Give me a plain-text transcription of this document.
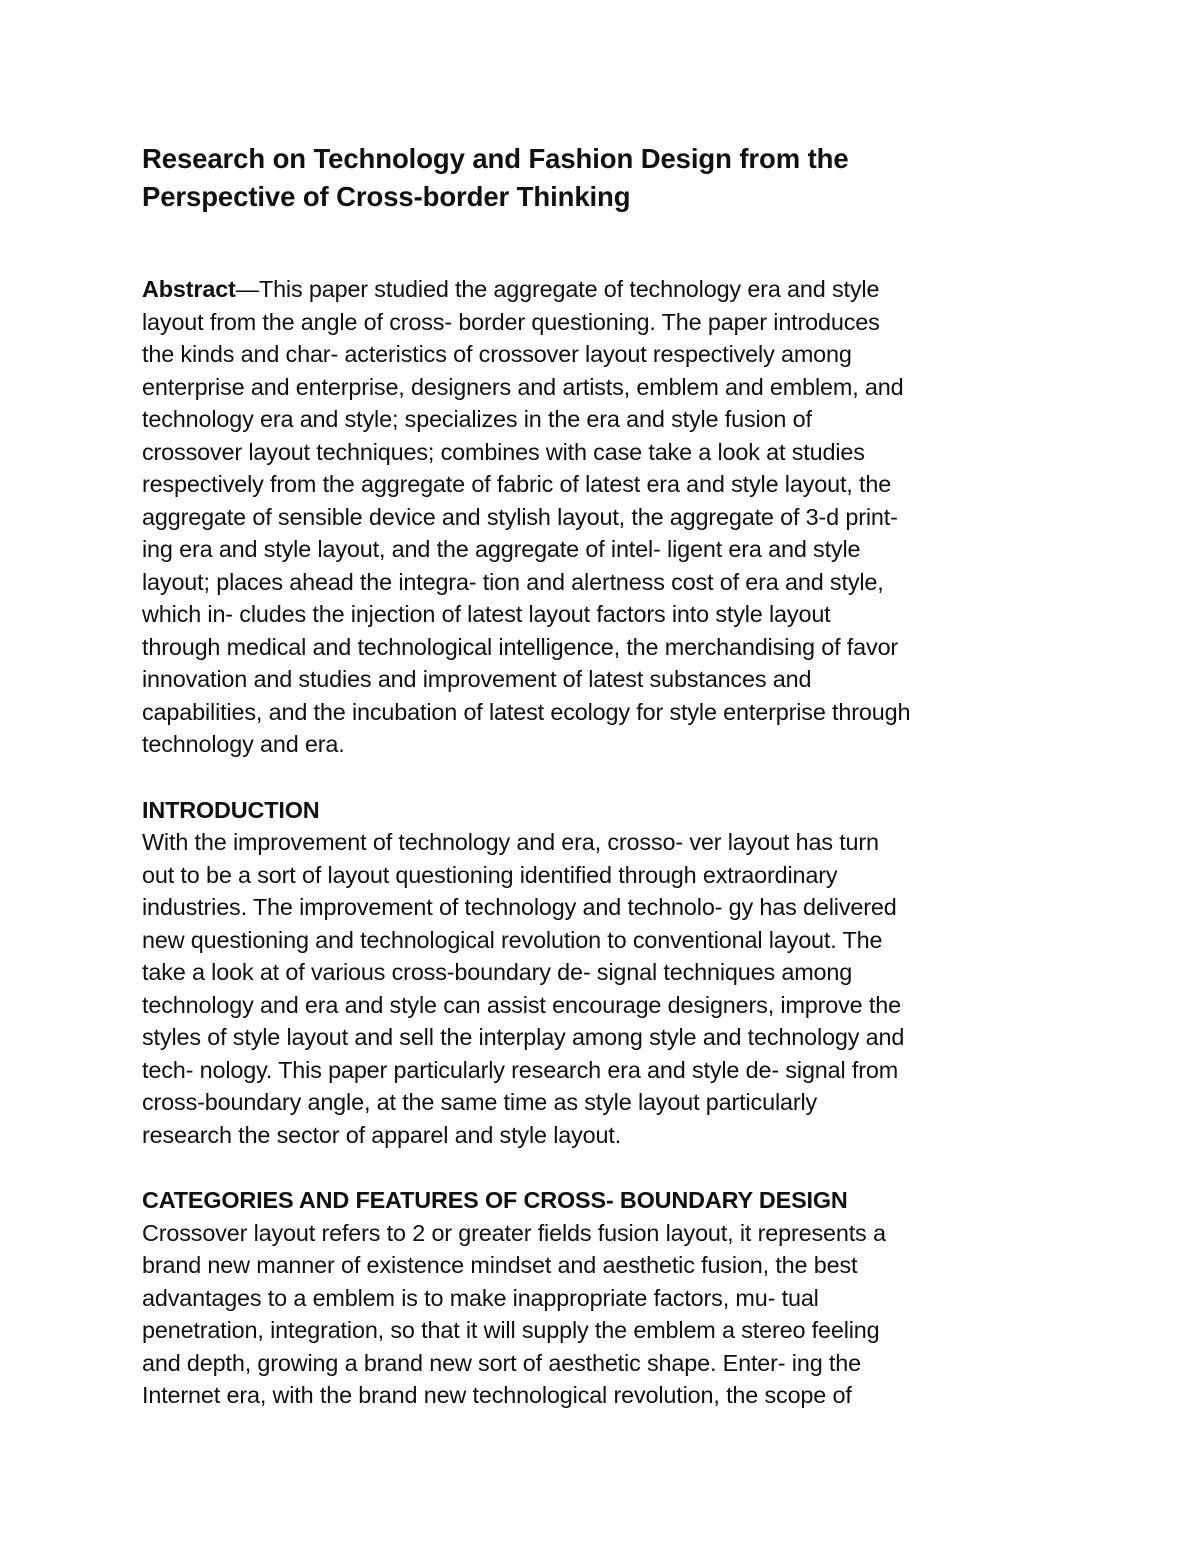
Research on Technology and Fashion Design from the
Perspective of Cross-border Thinking
Abstract—This paper studied the aggregate of technology era and style
layout from the angle of cross- border questioning. The paper introduces
the kinds and char- acteristics of crossover layout respectively among
enterprise and enterprise, designers and artists, emblem and emblem, and
technology era and style; specializes in the era and style fusion of
crossover layout techniques; combines with case take a look at studies
respectively from the aggregate of fabric of latest era and style layout, the
aggregate of sensible device and stylish layout, the aggregate of 3-d print-
ing era and style layout, and the aggregate of intel- ligent era and style
layout; places ahead the integra- tion and alertness cost of era and style,
which in- cludes the injection of latest layout factors into style layout
through medical and technological intelligence, the merchandising of favor
innovation and studies and improvement of latest substances and
capabilities, and the incubation of latest ecology for style enterprise through
technology and era.
INTRODUCTION
With the improvement of technology and era, crosso- ver layout has turn
out to be a sort of layout questioning identified through extraordinary
industries. The improvement of technology and technolo- gy has delivered
new questioning and technological revolution to conventional layout. The
take a look at of various cross-boundary de- signal techniques among
technology and era and style can assist encourage designers, improve the
styles of style layout and sell the interplay among style and technology and
tech- nology. This paper particularly research era and style de- signal from
cross-boundary angle, at the same time as style layout particularly
research the sector of apparel and style layout.
CATEGORIES AND FEATURES OF CROSS- BOUNDARY DESIGN
Crossover layout refers to 2 or greater fields fusion layout, it represents a
brand new manner of existence mindset and aesthetic fusion, the best
advantages to a emblem is to make inappropriate factors, mu- tual
penetration, integration, so that it will supply the emblem a stereo feeling
and depth, growing a brand new sort of aesthetic shape. Enter- ing the
Internet era, with the brand new technological revolution, the scope of
